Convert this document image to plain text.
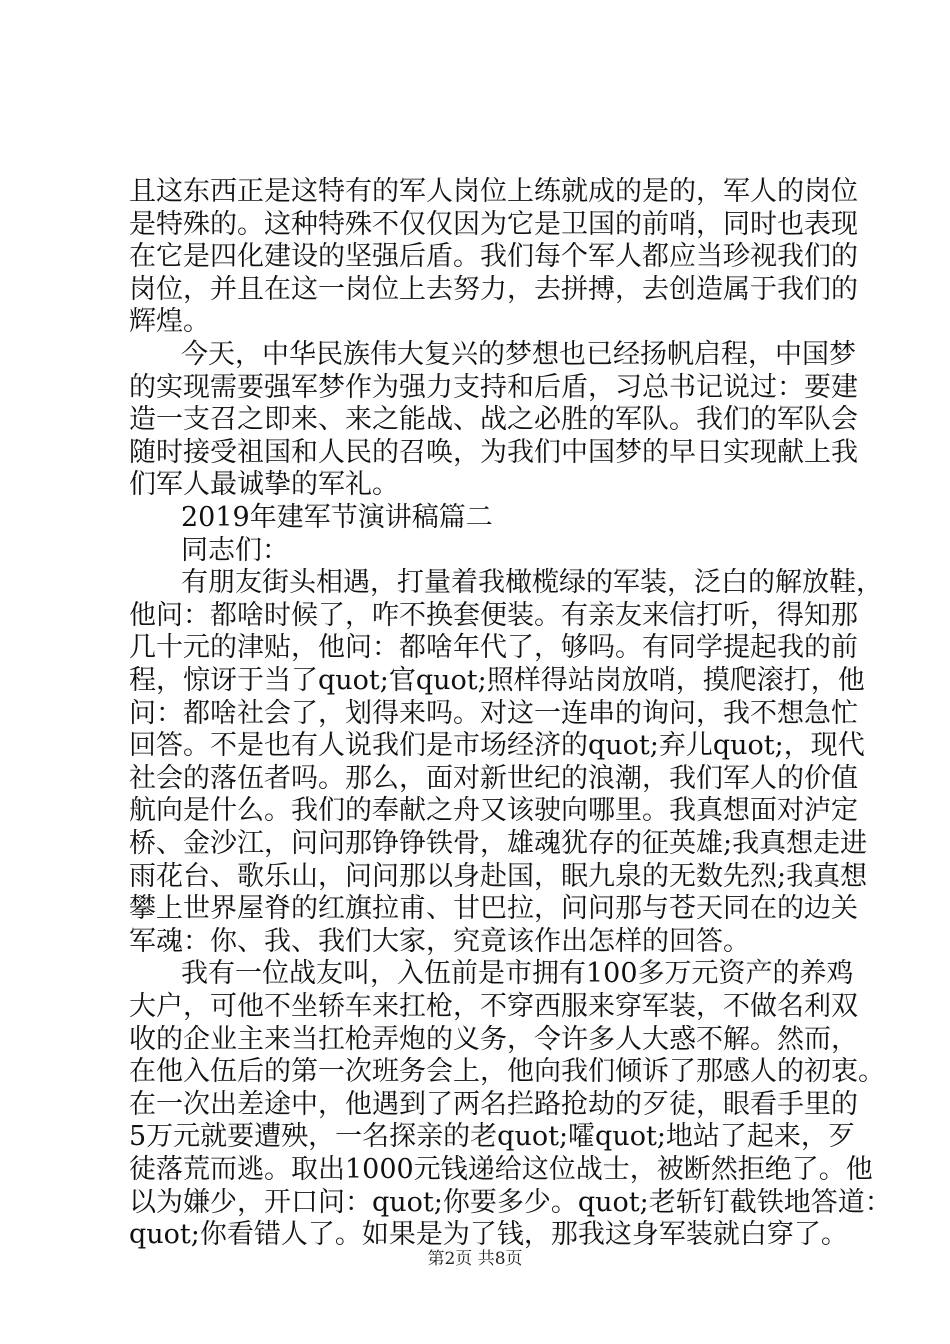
且这东西正是这特有的军人岗位上练就成的是的，军人的岗位
是特殊的。这种特殊不仅仅因为它是卫国的前哨，同时也表现
在它是四化建设的坚强后盾。我们每个军人都应当珍视我们的
岗位，并且在这一岗位上去努力，去拼搏，去创造属于我们的
辉煌。
今天，中华民族伟大复兴的梦想也已经扬帆启程，中国梦
的实现需要强军梦作为强力支持和后盾，习总书记说过：要建
造一支召之即来、来之能战、战之必胜的军队。我们的军队会
随时接受祖国和人民的召唤，为我们中国梦的早日实现献上我
们军人最诚挚的军礼。
2019年建军节演讲稿篇二
同志们：
有朋友街头相遇，打量着我橄榄绿的军装，泛白的解放鞋，
他问：都啥时候了，咋不换套便装。有亲友来信打听，得知那
几十元的津贴，他问：都啥年代了，够吗。有同学提起我的前
程，惊讶于当了quot;官quot;照样得站岗放哨，摸爬滚打，他
问：都啥社会了，划得来吗。对这一连串的询问，我不想急忙
回答。不是也有人说我们是市场经济的quot;弃儿quot;，现代
社会的落伍者吗。那么，面对新世纪的浪潮，我们军人的价值
航向是什么。我们的奉献之舟又该驶向哪里。我真想面对泸定
桥、金沙江，问问那铮铮铁骨，雄魂犹存的征英雄;我真想走进
雨花台、歌乐山，问问那以身赴国，眠九泉的无数先烈;我真想
攀上世界屋脊的红旗拉甫、甘巴拉，问问那与苍天同在的边关
军魂：你、我、我们大家，究竟该作出怎样的回答。
我有一位战友叫，入伍前是市拥有100多万元资产的养鸡
大户，可他不坐轿车来扛枪，不穿西服来穿军装，不做名利双
收的企业主来当扛枪弄炮的义务，令许多人大惑不解。然而，
在他入伍后的第一次班务会上，他向我们倾诉了那感人的初衷。
在一次出差途中，他遇到了两名拦路抢劫的歹徒，眼看手里的
5万元就要遭殃，一名探亲的老quot;嚯quot;地站了起来，歹
徒落荒而逃。取出1000元钱递给这位战士，被断然拒绝了。他
以为嫌少，开口问：quot;你要多少。quot;老斩钉截铁地答道：
quot;你看错人了。如果是为了钱，那我这身军装就白穿了。
第2页 共8页
